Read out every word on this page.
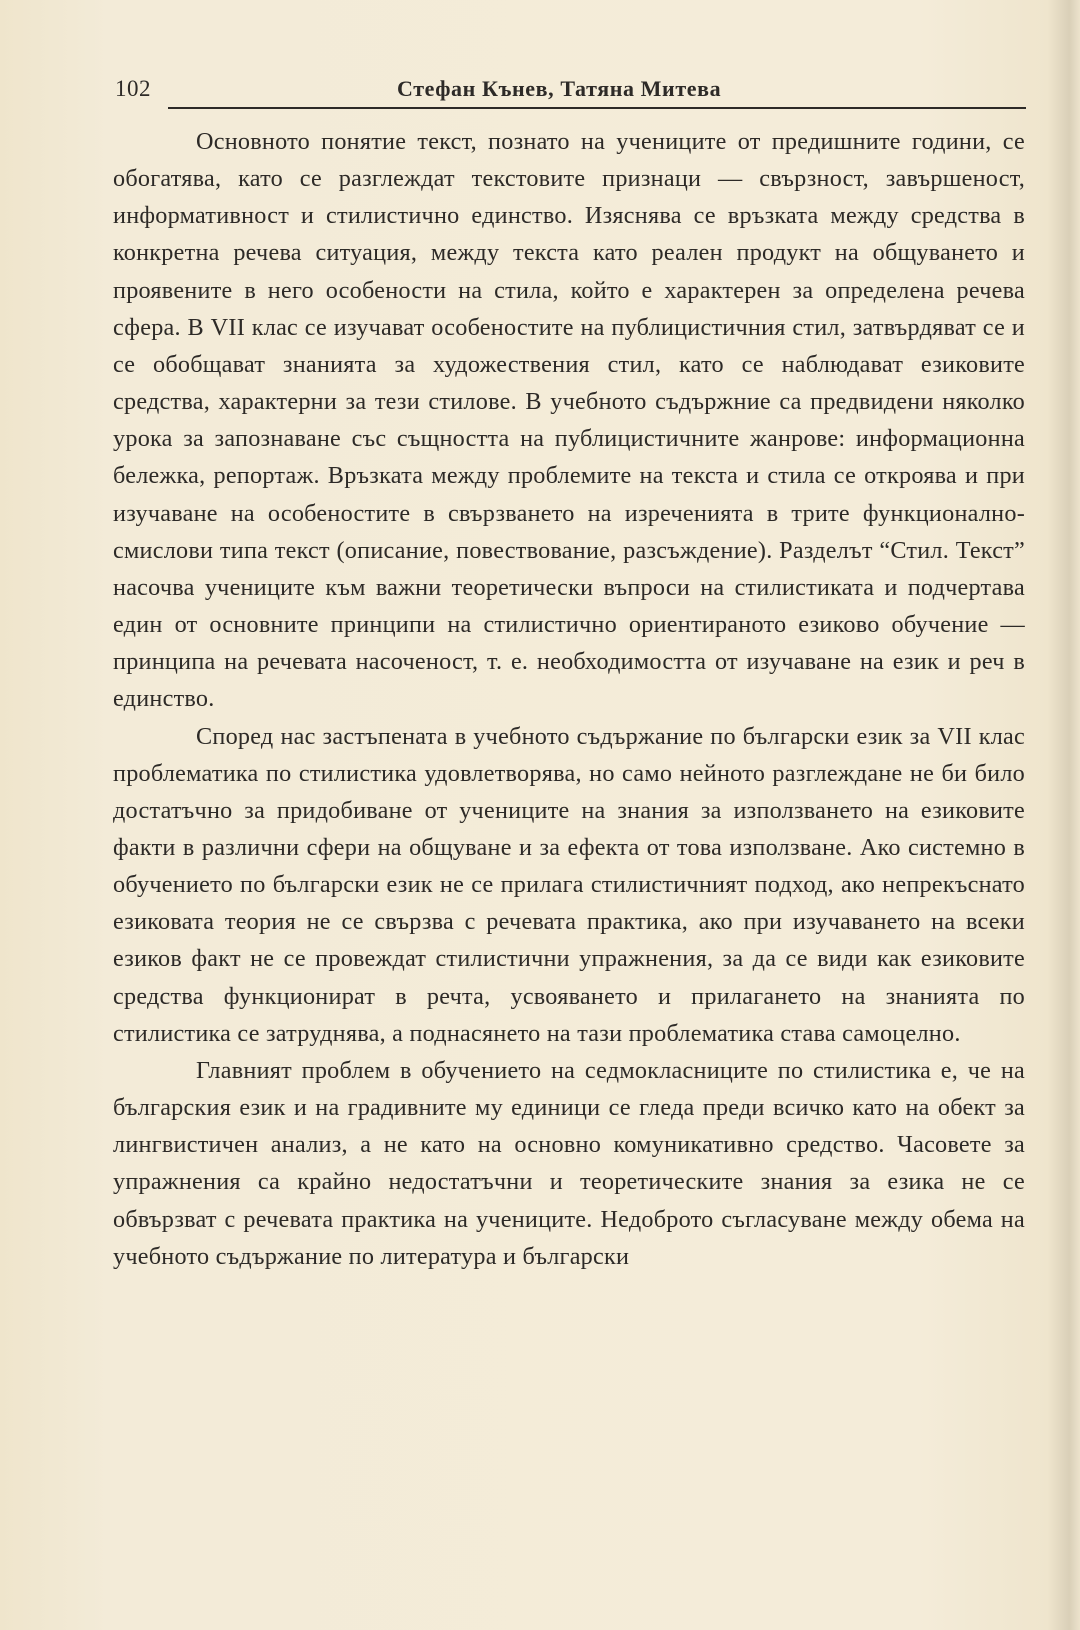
102	Стефан Кънев, Татяна Митева

Основното понятие текст, познато на учениците от предишните години, се обогатява, като се разглеждат текстовите признаци — свързност, завършеност, информативност и стилистично единство. Изяснява се връзката между средства в конкретна речева ситуация, между текста като реален продукт на общуването и проявените в него особености на стила, който е характерен за определена речева сфера. В VII клас се изучават особеностите на публицистичния стил, затвърдяват се и се обобщават знанията за художествения стил, като се наблюдават езиковите средства, характерни за тези стилове. В учебното съдържние са предвидени няколко урока за запознаване със същността на публицистичните жанрове: информационна бележка, репортаж. Връзката между проблемите на текста и стила се откроява и при изучаване на особеностите в свързването на изреченията в трите функционално-смислови типа текст (описание, повествование, разсъждение). Разделът “Стил. Текст” насочва учениците към важни теоретически въпроси на стилистиката и подчертава един от основните принципи на стилистично ориентираното езиково обучение — принципа на речевата насоченост, т. е. необходимостта от изучаване на език и реч в единство.

Според нас застъпената в учебното съдържание по български език за VII клас проблематика по стилистика удовлетворява, но само нейното разглеждане не би било достатъчно за придобиване от учениците на знания за използването на езиковите факти в различни сфери на общуване и за ефекта от това използване. Ако системно в обучението по български език не се прилага стилистичният подход, ако непрекъснато езиковата теория не се свързва с речевата практика, ако при изучаването на всеки езиков факт не се провеждат стилистични упражнения, за да се види как езиковите средства функционират в речта, усвояването и прилагането на знанията по стилистика се затруднява, а поднасянето на тази проблематика става самоцелно.

Главният проблем в обучението на седмокласниците по стилистика е, че на българския език и на градивните му единици се гледа преди всичко като на обект за лингвистичен анализ, а не като на основно комуникативно средство. Часовете за упражнения са крайно недостатъчни и теоретическите знания за езика не се обвързват с речевата практика на учениците. Недоброто съгласуване между обема на учебното съдържание по литература и български
